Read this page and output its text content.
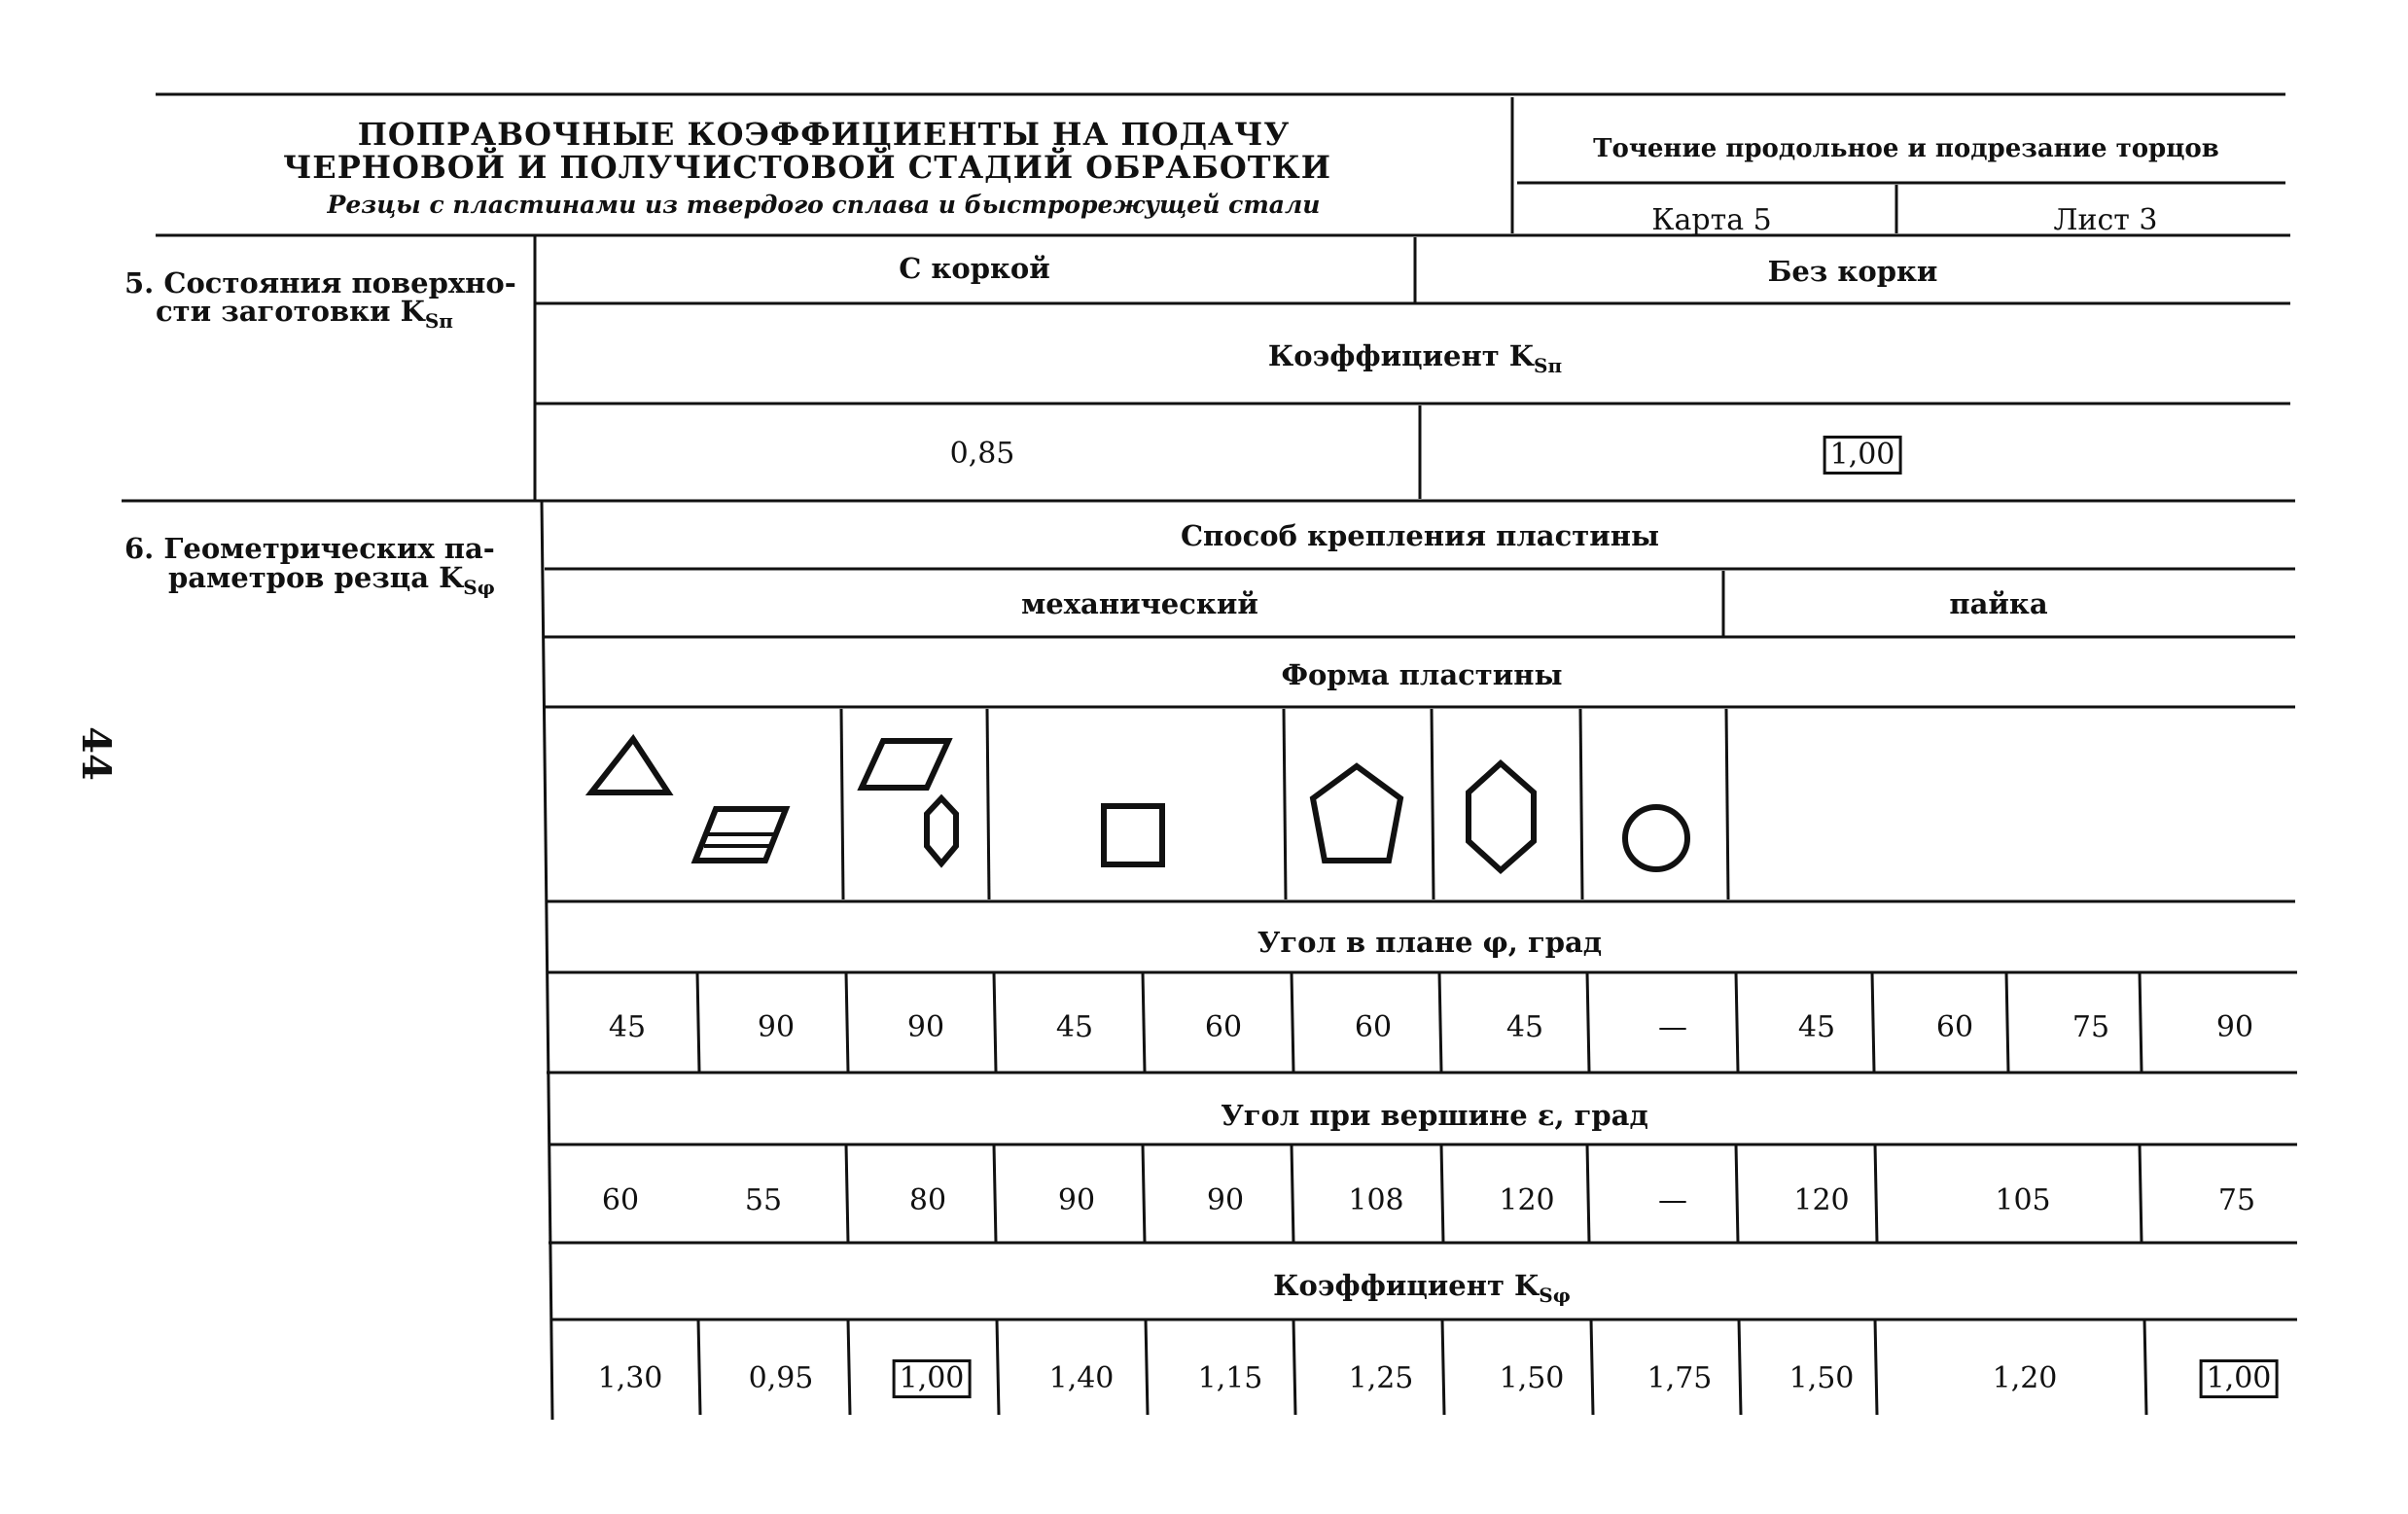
ПОПРАВОЧНЫЕ КОЭФФИЦИЕНТЫ НА ПОДАЧУ
ЧЕРНОВОЙ И ПОЛУЧИСТОВОЙ СТАДИЙ ОБРАБОТКИ
Резцы с пластинами из твердого сплава и быстрорежущей стали
Точение продольное и подрезание торцов
Карта 5	Лист 3
44
5. Состояния поверхно-
сти заготовки $K_{Sп}$
С коркой	Без корки
Коэффициент $K_{Sп}$
0,85	1,00
6. Геометрических па-
раметров резца $K_{S\varphi}$
Способ крепления пластины
механический	пайка
Форма пластины
Угол в плане φ, град
45	90	90	45	60	60	45	—	45	60	75	90
Угол при вершине ε, град
60	55	80	90	90	108	120	—	120	105	75
Коэффициент $K_{S\varphi}$
1,30	0,95	1,00	1,40	1,15	1,25	1,50	1,75	1,50	1,20	1,00
